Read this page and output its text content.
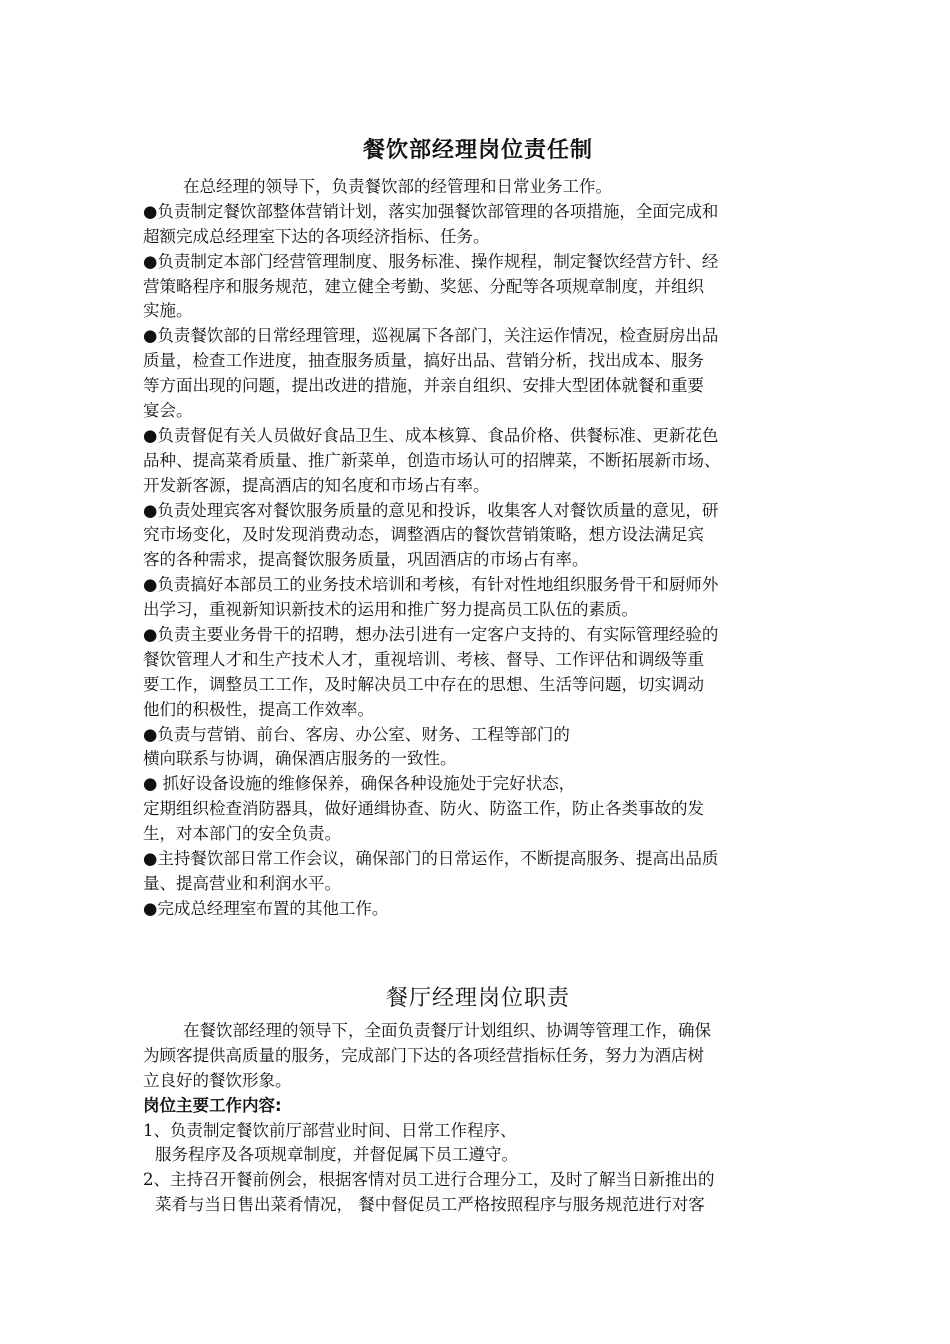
餐饮部经理岗位责任制
在总经理的领导下，负责餐饮部的经管理和日常业务工作。
●负责制定餐饮部整体营销计划，落实加强餐饮部管理的各项措施，全面完成和
超额完成总经理室下达的各项经济指标、任务。
●负责制定本部门经营管理制度、服务标准、操作规程，制定餐饮经营方针、经
营策略程序和服务规范，建立健全考勤、奖惩、分配等各项规章制度，并组织
实施。
●负责餐饮部的日常经理管理，巡视属下各部门，关注运作情况，检查厨房出品
质量，检查工作进度，抽查服务质量，搞好出品、营销分析，找出成本、服务
等方面出现的问题，提出改进的措施，并亲自组织、安排大型团体就餐和重要
宴会。
●负责督促有关人员做好食品卫生、成本核算、食品价格、供餐标准、更新花色
品种、提高菜肴质量、推广新菜单，创造市场认可的招牌菜，不断拓展新市场、
开发新客源，提高酒店的知名度和市场占有率。
●负责处理宾客对餐饮服务质量的意见和投诉，收集客人对餐饮质量的意见，研
究市场变化，及时发现消费动态，调整酒店的餐饮营销策略，想方设法满足宾
客的各种需求，提高餐饮服务质量，巩固酒店的市场占有率。
●负责搞好本部员工的业务技术培训和考核，有针对性地组织服务骨干和厨师外
出学习，重视新知识新技术的运用和推广努力提高员工队伍的素质。
●负责主要业务骨干的招聘，想办法引进有一定客户支持的、有实际管理经验的
餐饮管理人才和生产技术人才，重视培训、考核、督导、工作评估和调级等重
要工作，调整员工工作，及时解决员工中存在的思想、生活等问题，切实调动
他们的积极性，提高工作效率。
●负责与营销、前台、客房、办公室、财务、工程等部门的
横向联系与协调，确保酒店服务的一致性。
● 抓好设备设施的维修保养，确保各种设施处于完好状态，
定期组织检查消防器具，做好通缉协查、防火、防盗工作，防止各类事故的发
生，对本部门的安全负责。
●主持餐饮部日常工作会议，确保部门的日常运作，不断提高服务、提高出品质
量、提高营业和利润水平。
●完成总经理室布置的其他工作。
餐厅经理岗位职责
在餐饮部经理的领导下，全面负责餐厅计划组织、协调等管理工作，确保
为顾客提供高质量的服务，完成部门下达的各项经营指标任务，努力为酒店树
立良好的餐饮形象。
岗位主要工作内容:
1、负责制定餐饮前厅部营业时间、日常工作程序、
服务程序及各项规章制度，并督促属下员工遵守。
2、主持召开餐前例会，根据客情对员工进行合理分工，及时了解当日新推出的
菜肴与当日售出菜肴情况， 餐中督促员工严格按照程序与服务规范进行对客
